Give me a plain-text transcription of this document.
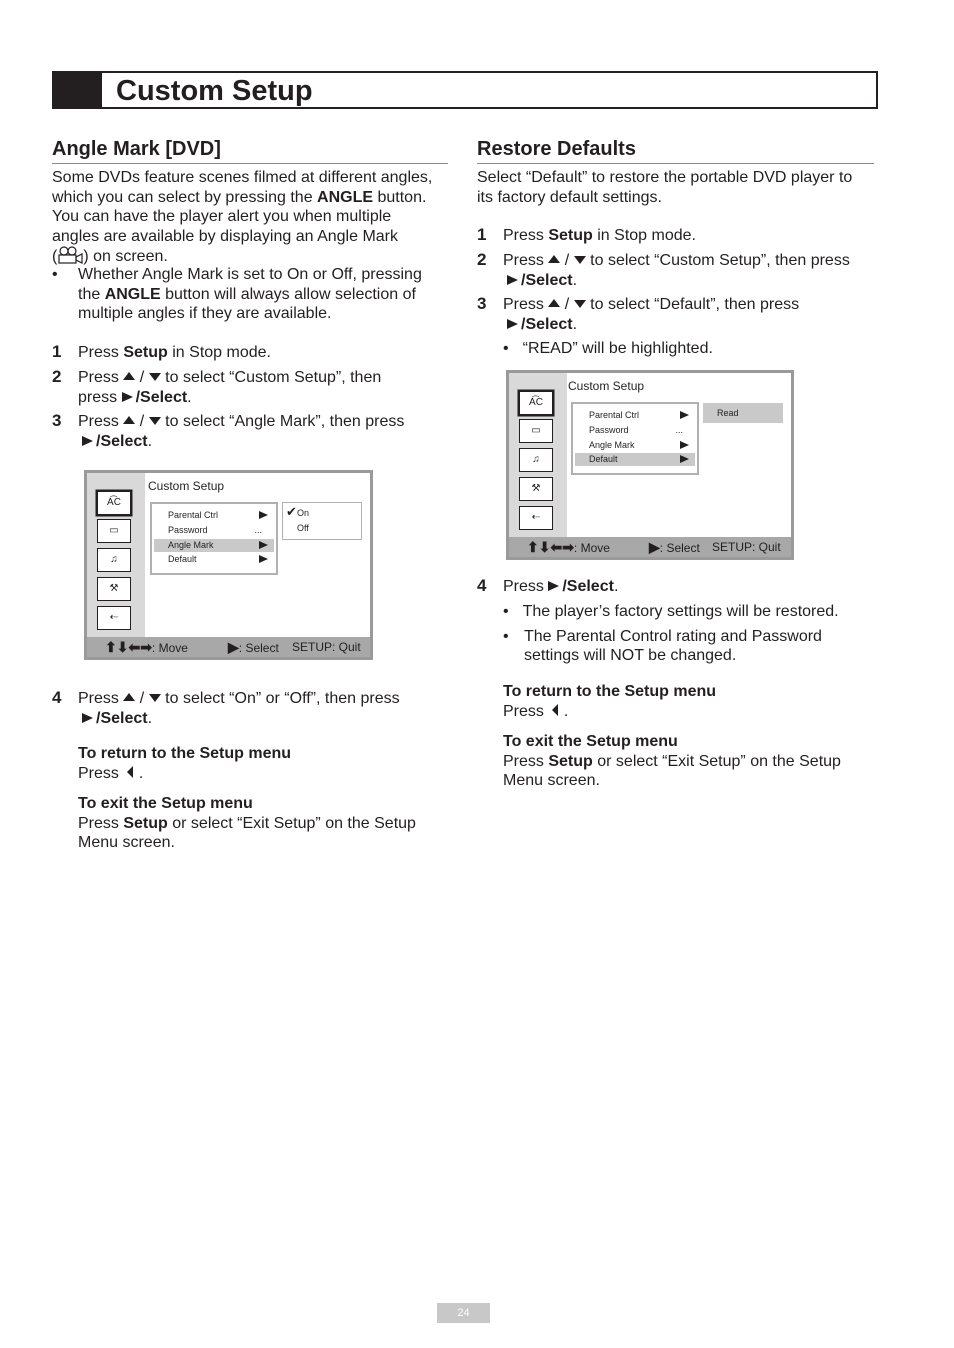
Custom Setup
Angle Mark [DVD]
Some DVDs feature scenes filmed at different angles,
which you can select by pressing the ANGLE button.
You can have the player alert you when multiple
angles are available by displaying an Angle Mark
( ) on screen.
• Whether Angle Mark is set to On or Off, pressing
the ANGLE button will always allow selection of
multiple angles if they are available.
1 Press Setup in Stop mode.
2 Press  /  to select “Custom Setup”, then
press /Select.
3 Press  /  to select “Angle Mark”, then press
/Select.
A͡C
▭
♫
⚒
⇠
Custom Setup
Parental Ctrl
Password	...
Angle Mark
Default
✔ On
Off
⬆⬇⬅➡: Move	▶: Select SETUP: Quit
4 Press  /  to select “On” or “Off”, then press
/Select.
To return to the Setup menu
Press .
To exit the Setup menu
Press Setup or select “Exit Setup” on the Setup
Menu screen.
Restore Defaults
Select “Default” to restore the portable DVD player to
its factory default settings.
1 Press Setup in Stop mode.
2 Press  /  to select “Custom Setup”, then press
/Select.
3 Press  /  to select “Default”, then press
/Select.
• “READ” will be highlighted.
A͡C
▭
♫
⚒
⇠
Custom Setup
Parental Ctrl
Password	...
Angle Mark
Default
Read
⬆⬇⬅➡: Move	▶: Select SETUP: Quit
4 Press /Select.
• The player’s factory settings will be restored.
• The Parental Control rating and Password
settings will NOT be changed.
To return to the Setup menu
Press .
To exit the Setup menu
Press Setup or select “Exit Setup” on the Setup
Menu screen.
24
